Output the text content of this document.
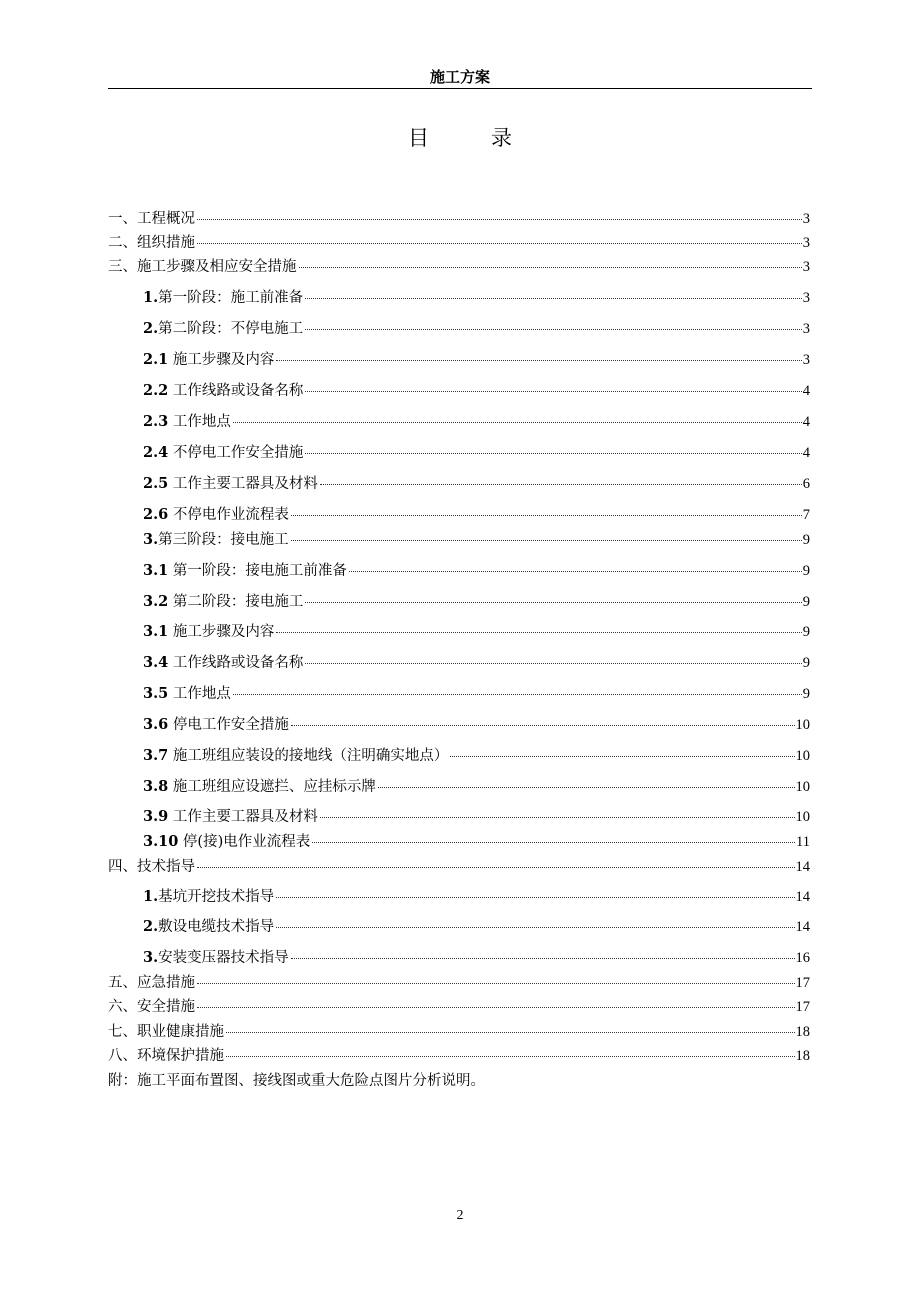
施工方案
目录
一、工程概况	3
二、组织措施	3
三、施工步骤及相应安全措施	3
1.第一阶段：施工前准备	3
2.第二阶段：不停电施工	3
2.1 施工步骤及内容	3
2.2 工作线路或设备名称	4
2.3 工作地点	4
2.4 不停电工作安全措施	4
2.5 工作主要工器具及材料	6
2.6 不停电作业流程表	7
3.第三阶段：接电施工	9
3.1 第一阶段：接电施工前准备	9
3.2 第二阶段：接电施工	9
3.1 施工步骤及内容	9
3.4 工作线路或设备名称	9
3.5 工作地点	9
3.6 停电工作安全措施	10
3.7 施工班组应装设的接地线（注明确实地点）	10
3.8 施工班组应设遮拦、应挂标示牌	10
3.9 工作主要工器具及材料	10
3.10 停(接)电作业流程表	11
四、技术指导	14
1.基坑开挖技术指导	14
2.敷设电缆技术指导	14
3.安装变压器技术指导	16
五、应急措施	17
六、安全措施	17
七、职业健康措施	18
八、环境保护措施	18
附：施工平面布置图、接线图或重大危险点图片分析说明。
2
